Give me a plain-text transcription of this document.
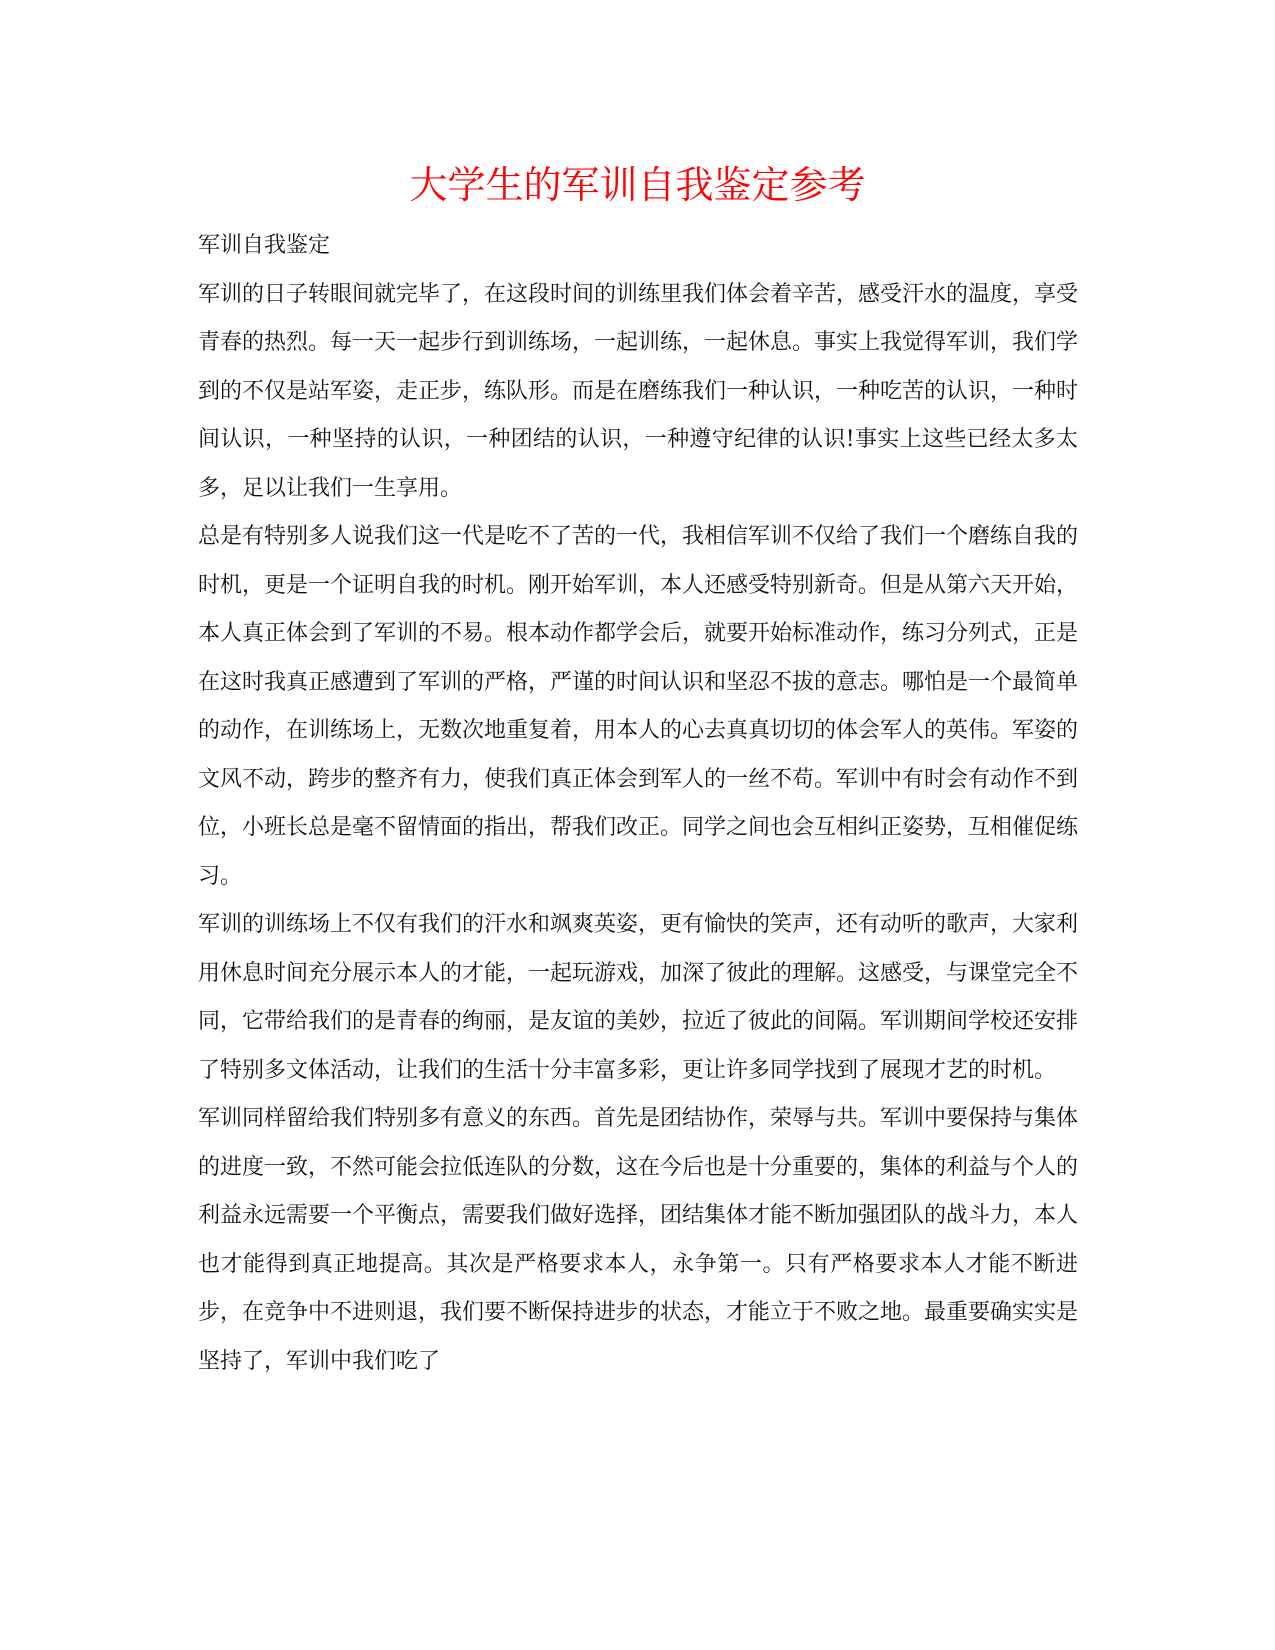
大学生的军训自我鉴定参考

军训自我鉴定

军训的日子转眼间就完毕了，在这段时间的训练里我们体会着辛苦，感受汗水的温度，享受青春的热烈。每一天一起步行到训练场，一起训练，一起休息。事实上我觉得军训，我们学到的不仅是站军姿，走正步，练队形。而是在磨练我们一种认识，一种吃苦的认识，一种时间认识，一种坚持的认识，一种团结的认识，一种遵守纪律的认识!事实上这些已经太多太多，足以让我们一生享用。

总是有特别多人说我们这一代是吃不了苦的一代，我相信军训不仅给了我们一个磨练自我的时机，更是一个证明自我的时机。刚开始军训，本人还感受特别新奇。但是从第六天开始，本人真正体会到了军训的不易。根本动作都学会后，就要开始标准动作，练习分列式，正是在这时我真正感遭到了军训的严格，严谨的时间认识和坚忍不拔的意志。哪怕是一个最简单的动作，在训练场上，无数次地重复着，用本人的心去真真切切的体会军人的英伟。军姿的文风不动，跨步的整齐有力，使我们真正体会到军人的一丝不苟。军训中有时会有动作不到位，小班长总是毫不留情面的指出，帮我们改正。同学之间也会互相纠正姿势，互相催促练习。

军训的训练场上不仅有我们的汗水和飒爽英姿，更有愉快的笑声，还有动听的歌声，大家利用休息时间充分展示本人的才能，一起玩游戏，加深了彼此的理解。这感受，与课堂完全不同，它带给我们的是青春的绚丽，是友谊的美妙，拉近了彼此的间隔。军训期间学校还安排了特别多文体活动，让我们的生活十分丰富多彩，更让许多同学找到了展现才艺的时机。

军训同样留给我们特别多有意义的东西。首先是团结协作，荣辱与共。军训中要保持与集体的进度一致，不然可能会拉低连队的分数，这在今后也是十分重要的，集体的利益与个人的利益永远需要一个平衡点，需要我们做好选择，团结集体才能不断加强团队的战斗力，本人也才能得到真正地提高。其次是严格要求本人，永争第一。只有严格要求本人才能不断进步，在竞争中不进则退，我们要不断保持进步的状态，才能立于不败之地。最重要确实实是坚持了，军训中我们吃了
